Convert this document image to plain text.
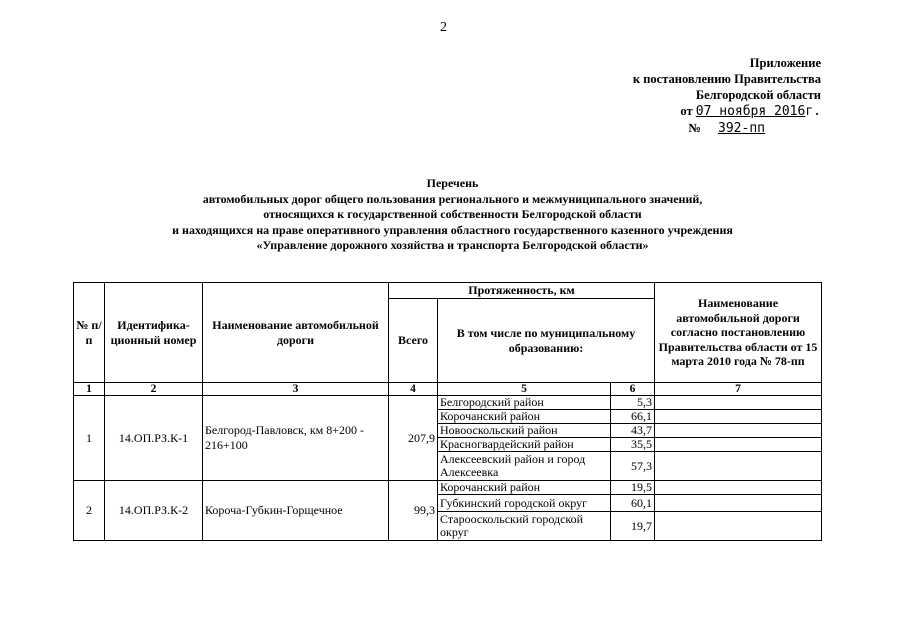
2
Приложение
к постановлению Правительства
Белгородской области
от 07 ноября 2016г.
№ 392-пп
Перечень
автомобильных дорог общего пользования регионального и межмуниципального значений,
относящихся к государственной собственности Белгородской области
и находящихся на праве оперативного управления областного государственного казенного учреждения
«Управление дорожного хозяйства и транспорта Белгородской области»
№ п/п	Идентифика- ционный номер	Наименование автомобильной дороги	Протяженность, км			Наименование автомобильной дороги согласно постановлению Правительства области от 15 марта 2010 года № 78-пп
			Всего	В том числе по муниципальному образованию:		
1	2	3	4	5	6	7
1	14.ОП.РЗ.К-1	Белгород-Павловск, км 8+200 - 216+100	207,9	Белгородский район	5,3	
				Корочанский район	66,1	
				Новооскольский район	43,7	
				Красногвардейский район	35,5	
				Алексеевский район и город Алексеевка	57,3	
2	14.ОП.РЗ.К-2	Короча-Губкин-Горщечное	99,3	Корочанский район	19,5	
				Губкинский городской округ	60,1	
				Старооскольский городской округ	19,7	
